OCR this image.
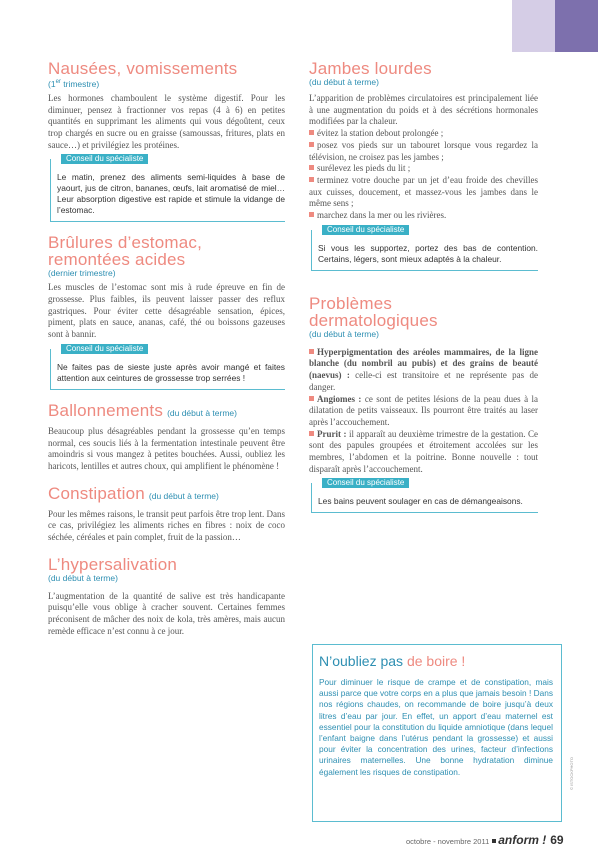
Nausées, vomissements
(1er trimestre)

Les hormones chamboulent le système digestif. Pour les diminuer, pensez à fractionner vos repas (4 à 6) en petites quantités en supprimant les aliments qui vous dégoûtent, ceux trop chargés en sucre ou en graisse (samoussas, fritures, plats en sauce…) et privilégiez les protéines.

Conseil du spécialiste

Le matin, prenez des aliments semi-liquides à base de yaourt, jus de citron, bananes, œufs, lait aromatisé de miel… Leur absorption digestive est rapide et stimule la vidange de l’estomac.

Brûlures d’estomac,
remontées acides
(dernier trimestre)

Les muscles de l’estomac sont mis à rude épreuve en fin de grossesse. Plus faibles, ils peuvent laisser passer des reflux gastriques. Pour éviter cette désagréable sensation, épices, piment, plats en sauce, ananas, café, thé ou boissons gazeuses sont à bannir.

Conseil du spécialiste

Ne faites pas de sieste juste après avoir mangé et faites attention aux ceintures de grossesse trop serrées !

Ballonnements (du début à terme)

Beaucoup plus désagréables pendant la grossesse qu’en temps normal, ces soucis liés à la fermentation intestinale peuvent être amoindris si vous mangez à petites bouchées. Aussi, oubliez les haricots, lentilles et autres choux, qui amplifient le phénomène !

Constipation (du début à terme)

Pour les mêmes raisons, le transit peut parfois être trop lent. Dans ce cas, privilégiez les aliments riches en fibres : noix de coco séchée, céréales et pain complet, fruit de la passion…

L’hypersalivation
(du début à terme)

L’augmentation de la quantité de salive est très handicapante puisqu’elle vous oblige à cracher souvent. Certaines femmes préconisent de mâcher des noix de kola, très amères, mais aucun remède efficace n’est connu à ce jour.

Jambes lourdes
(du début à terme)

L’apparition de problèmes circulatoires est principalement liée à une augmentation du poids et à des sécrétions hormonales modifiées par la chaleur.

évitez la station debout prolongée ;

posez vos pieds sur un tabouret lorsque vous regardez la télévision, ne croisez pas les jambes ;

surélevez les pieds du lit ;

terminez votre douche par un jet d’eau froide des chevilles aux cuisses, doucement, et massez-vous les jambes dans le même sens ;

marchez dans la mer ou les rivières.

Conseil du spécialiste

Si vous les supportez, portez des bas de contention. Certains, légers, sont mieux adaptés à la chaleur.

Problèmes
dermatologiques
(du début à terme)

Hyperpigmentation des aréoles mammaires, de la ligne blanche (du nombril au pubis) et des grains de beauté (naevus) : celle-ci est transitoire et ne représente pas de danger.

Angiomes : ce sont de petites lésions de la peau dues à la dilatation de petits vaisseaux. Ils pourront être traités au laser après l’accouchement.

Prurit : il apparaît au deuxième trimestre de la gestation. Ce sont des papules groupées et étroitement accolées sur les membres, l’abdomen et la poitrine. Bonne nouvelle : tout disparaît après l’accouchement.

Conseil du spécialiste

Les bains peuvent soulager en cas de démangeaisons.

N’oubliez pas de boire !

Pour diminuer le risque de crampe et de constipation, mais aussi parce que votre corps en a plus que jamais besoin ! Dans nos régions chaudes, on recommande de boire jusqu’à deux litres d’eau par jour. En effet, un apport d’eau maternel est essentiel pour la constitution du liquide amniotique (dans lequel l’enfant baigne dans l’utérus pendant la grossesse) et aussi pour éviter la concentration des urines, facteur d’infections urinaires maternelles. Une bonne hydratation diminue également les risques de constipation.	© ISTOCKPHOTO
octobre - novembre 2011 anform ! 69
